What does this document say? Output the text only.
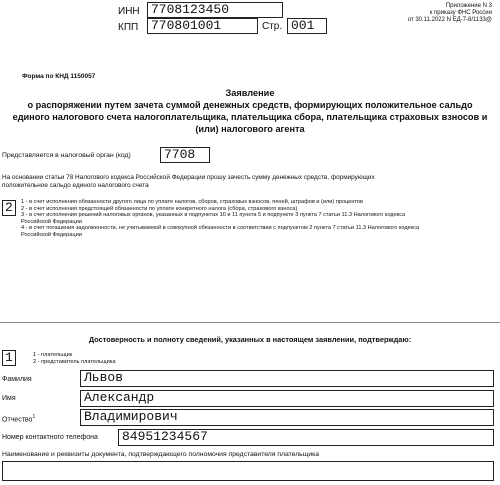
ИНН 7708123450
КПП 770801001	Стр. 001
Приложение N 3
к приказу ФНС России
от 30.11.2022 N ЕД-7-8/1133@
Форма по КНД 1150057
Заявление
о распоряжении путем зачета суммой денежных средств, формирующих положительное сальдо
единого налогового счета налогоплательщика, плательщика сбора, плательщика страховых взносов и
(или) налогового агента
Представляется в налоговый орган (код)	7708
На основании статьи 78 Налогового кодекса Российской Федерации прошу зачесть сумму денежных средств, формирующих
положительное сальдо единого налогового счета
2	1 - в счет исполнения обязанности другого лица по уплате налогов, сборов, страховых взносов, пеней, штрафов и (или) процентов
2 - в счет исполнения предстоящей обязанности по уплате конкретного налога (сбора, страхового взноса)
3 - в счет исполнения решений налоговых органов, указанных в подпунктах 10 и 11 пункта 5 и подпункте 3 пункта 7 статьи 11.3 Налогового кодекса
Российской Федерации
4 - в счет погашения задолженности, не учитываемой в совокупной обязанности в соответствии с подпунктом 2 пункта 7 статьи 11.3 Налогового кодекса
Российской Федерации
Достоверность и полноту сведений, указанных в настоящем заявлении, подтверждаю:
1	1 - плательщик
2 - представитель плательщика
Фамилия	Львов
Имя	Александр
Отчество$^1$	Владимирович
Номер контактного телефона	84951234567
Наименование и реквизиты документа, подтверждающего полномочия представителя плательщика
